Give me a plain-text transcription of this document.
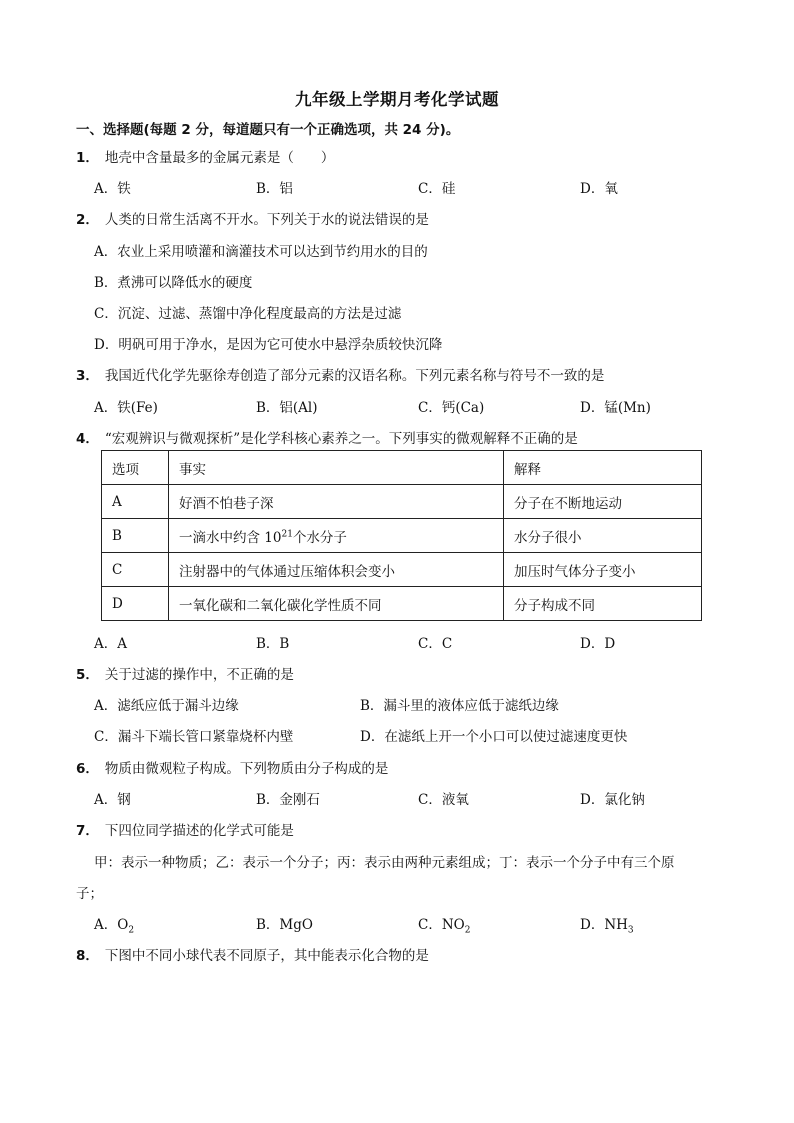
九年级上学期月考化学试题
一、选择题(每题 2 分，每道题只有一个正确选项，共 24 分)。
1． 地壳中含量最多的金属元素是（　　）
A．铁	B．铝	C．硅	D．氧
2． 人类的日常生活离不开水。下列关于水的说法错误的是
A．农业上采用喷灌和滴灌技术可以达到节约用水的目的
B．煮沸可以降低水的硬度
C．沉淀、过滤、蒸馏中净化程度最高的方法是过滤
D．明矾可用于净水，是因为它可使水中悬浮杂质较快沉降
3． 我国近代化学先驱徐寿创造了部分元素的汉语名称。下列元素名称与符号不一致的是
A．铁(Fe)	B．铝(Al)	C．钙(Ca)	D．锰(Mn)
4． “宏观辨识与微观探析”是化学科核心素养之一。下列事实的微观解释不正确的是
选项	事实	解释
A	好酒不怕巷子深	分子在不断地运动
B	一滴水中约含 $10^{21}$个水分子	水分子很小
C	注射器中的气体通过压缩体积会变小	加压时气体分子变小
D	一氧化碳和二氧化碳化学性质不同	分子构成不同
A．A	B．B	C．C	D．D
5． 关于过滤的操作中，不正确的是
A．滤纸应低于漏斗边缘	B．漏斗里的液体应低于滤纸边缘
C．漏斗下端长管口紧靠烧杯内壁	D．在滤纸上开一个小口可以使过滤速度更快
6． 物质由微观粒子构成。下列物质由分子构成的是
A．钢	B．金刚石	C．液氧	D．氯化钠
7． 下四位同学描述的化学式可能是
甲：表示一种物质；乙：表示一个分子；丙：表示由两种元素组成；丁：表示一个分子中有三个原
子；
A．$O_2$	B．MgO	C．$NO_2$	D．$NH_3$
8． 下图中不同小球代表不同原子，其中能表示化合物的是
